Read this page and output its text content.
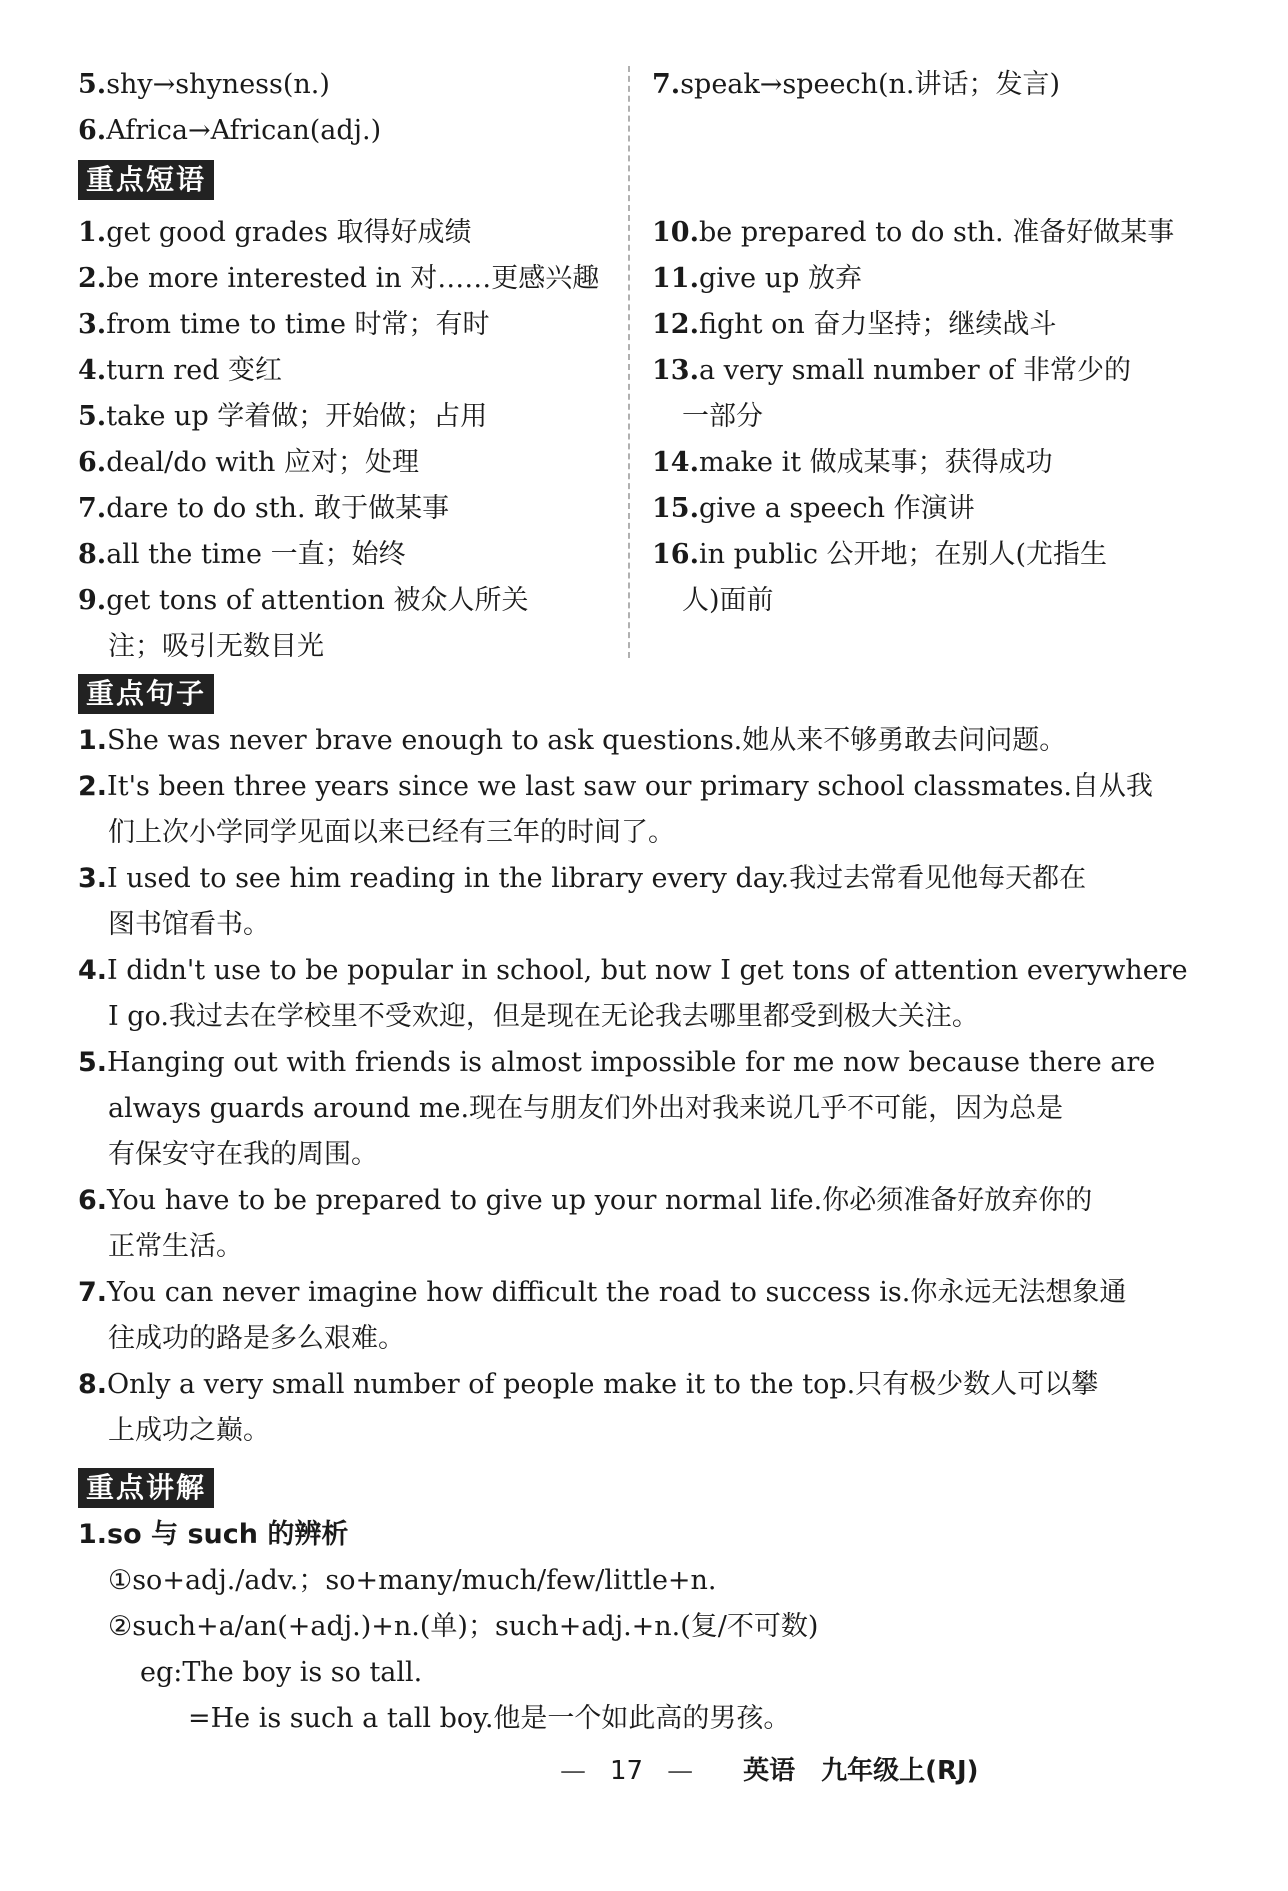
5.shy→shyness(n.)
6.Africa→African(adj.)
1.get good grades 取得好成绩
2.be more interested in 对……更感兴趣
3.from time to time 时常；有时
4.turn red 变红
5.take up 学着做；开始做；占用
6.deal/do with 应对；处理
7.dare to do sth. 敢于做某事
8.all the time 一直；始终
9.get tons of attention 被众人所关
注；吸引无数目光
7.speak→speech(n.讲话；发言)
10.be prepared to do sth. 准备好做某事
11.give up 放弃
12.fight on 奋力坚持；继续战斗
13.a very small number of 非常少的
一部分
14.make it 做成某事；获得成功
15.give a speech 作演讲
16.in public 公开地；在别人(尤指生
人)面前
重点短语
重点句子
1.She was never brave enough to ask questions.她从来不够勇敢去问问题。
2.It's been three years since we last saw our primary school classmates.自从我
们上次小学同学见面以来已经有三年的时间了。
3.I used to see him reading in the library every day.我过去常看见他每天都在
图书馆看书。
4.I didn't use to be popular in school, but now I get tons of attention everywhere
I go.我过去在学校里不受欢迎，但是现在无论我去哪里都受到极大关注。
5.Hanging out with friends is almost impossible for me now because there are
always guards around me.现在与朋友们外出对我来说几乎不可能，因为总是
有保安守在我的周围。
6.You have to be prepared to give up your normal life.你必须准备好放弃你的
正常生活。
7.You can never imagine how difficult the road to success is.你永远无法想象通
往成功的路是多么艰难。
8.Only a very small number of people make it to the top.只有极少数人可以攀
上成功之巅。
重点讲解
1.so 与 such 的辨析
①so+adj./adv.；so+many/much/few/little+n.
②such+a/an(+adj.)+n.(单)；such+adj.+n.(复/不可数)
eg:The boy is so tall.
=He is such a tall boy.他是一个如此高的男孩。
— 17 — 英语 九年级上(RJ)
